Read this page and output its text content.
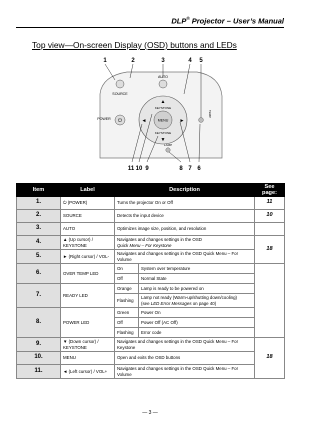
DLP® Projector – User’s Manual
Top view—On-screen Display (OSD) buttons and LEDs
1	2	3	4 5
SOURCE
AUTO
MENU
▲
KEYSTONE
▼
KEYSTONE
◄	►
⏻
POWER
TEMP
LAMP
11 10 9	8 7 6
Item	Label	Description		See page:
1.	⏻ (POWER)	Turns the projector On or Off		11
2.	SOURCE	Detects the input device		10
3.	AUTO	Optimizes image size, position, and resolution		
4.	▲ (Up cursor) / KEYSTONE	Navigates and changes settings in the OSD
Quick Menu – For Keystone		18
5.	► (Right cursor) / VOL-	Navigates and changes settings in the OSD Quick Menu – For Volume		
6.	OVER TEMP LED	On	System over temperature	
		Off	Normal State	
7.	READY LED	Orange	Lamp is ready to be powered on	
		Flashing	Lamp not ready (Warm-up/shutting down/cooling)
(see LED Error Messages on page 40)	
8.	POWER LED	Green	Power On	
		Off	Power Off (AC Off)	
		Flashing	Error code	
9.	▼ (Down cursor) / KEYSTONE	Navigates and changes settings in the OSD Quick Menu – For Keystone		18
10.	MENU	Open and exits the OSD buttons		
11.	◄ (Left cursor) / VOL+	Navigates and changes settings in the OSD Quick Menu – For Volume		
— 3 —
